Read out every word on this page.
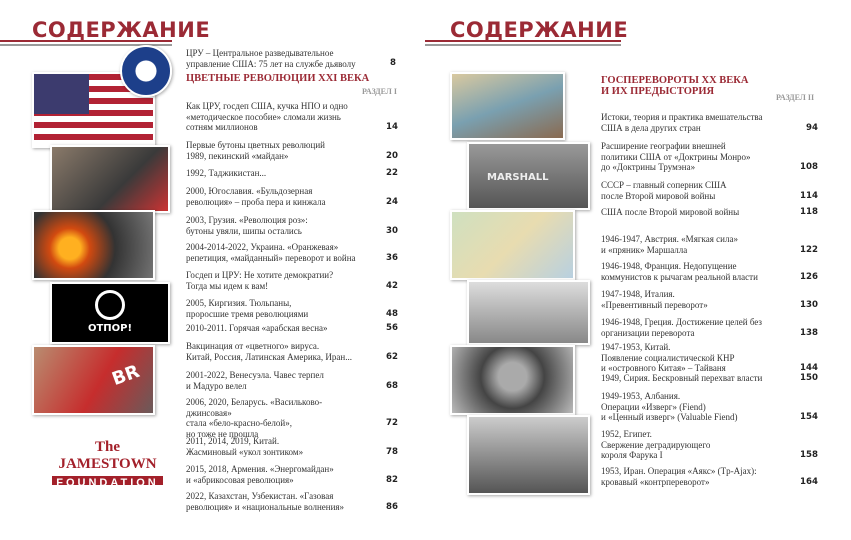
СОДЕРЖАНИЕ
ЦРУ – Центральное разведывательное
управление США: 75 лет на службе дьяволу	8
ЦВЕТНЫЕ РЕВОЛЮЦИИ XXI ВЕКА
РАЗДЕЛ I
Как ЦРУ, госдеп США, кучка НПО и одно
«методическое пособие» сломали жизнь
сотням миллионов	14
Первые бутоны цветных революций
1989, пекинский «майдан»	20
1992, Таджикистан...	22
2000, Югославия. «Бульдозерная
революция» – проба пера и кинжала	24
2003, Грузия. «Революция роз»:
бутоны увяли, шипы остались	30
2004-2014-2022, Украина. «Оранжевая»
репетиция, «майданный» переворот и война	36
Госдеп и ЦРУ: Не хотите демократии?
Тогда мы идем к вам!	42
2005, Киргизия. Тюльпаны,
проросшие тремя революциями	48
2010-2011. Горячая «арабская весна»	56
Вакцинация от «цветного» вируса.
Китай, Россия, Латинская Америка, Иран...	62
2001-2022, Венесуэла. Чавес терпел
и Мадуро велел	68
2006, 2020, Беларусь. «Васильково-джинсовая»
стала «бело-красно-белой»,
но тоже не прошла
72
2011, 2014, 2019, Китай.
Жасминовый «укол зонтиком»	78
2015, 2018, Армения. «Энергомайдан»
и «абрикосовая революция»	82
2022, Казахстан, Узбекистан. «Газовая
революция» и «национальные волнения»	86
ОТПОР!
BR
The JAMESTOWN
FOUNDATION
СОДЕРЖАНИЕ
ГОСПЕРЕВОРОТЫ XX ВЕКА
И ИХ ПРЕДЫСТОРИЯ
РАЗДЕЛ II
Истоки, теория и практика вмешательства
США в дела других стран	94
Расширение географии внешней
политики США от «Доктрины Монро»
до «Доктрины Трумэна»	108
СССР – главный соперник США
после Второй мировой войны	114
США после Второй мировой войны	118
1946-1947, Австрия. «Мягкая сила»
и «пряник» Маршалла	122
1946-1948, Франция. Недопущение
коммунистов к рычагам реальной власти	126
1947-1948, Италия.
«Превентивный переворот»	130
1946-1948, Греция. Достижение целей без
организации переворота	138
1947-1953, Китай.
Появление социалистической КНР
и «островного Китая» – Тайваня	144
1949, Сирия. Бескровный перехват власти	150
1949-1953, Албания.
Операции «Изверг» (Fiend)
и «Ценный изверг» (Valuable Fiend)	154
1952, Египет.
Свержение деградирующего
короля Фарука I	158
1953, Иран. Операция «Аякс» (Tp-Ajax):
кровавый «контрпереворот»	164
MARSHALL
